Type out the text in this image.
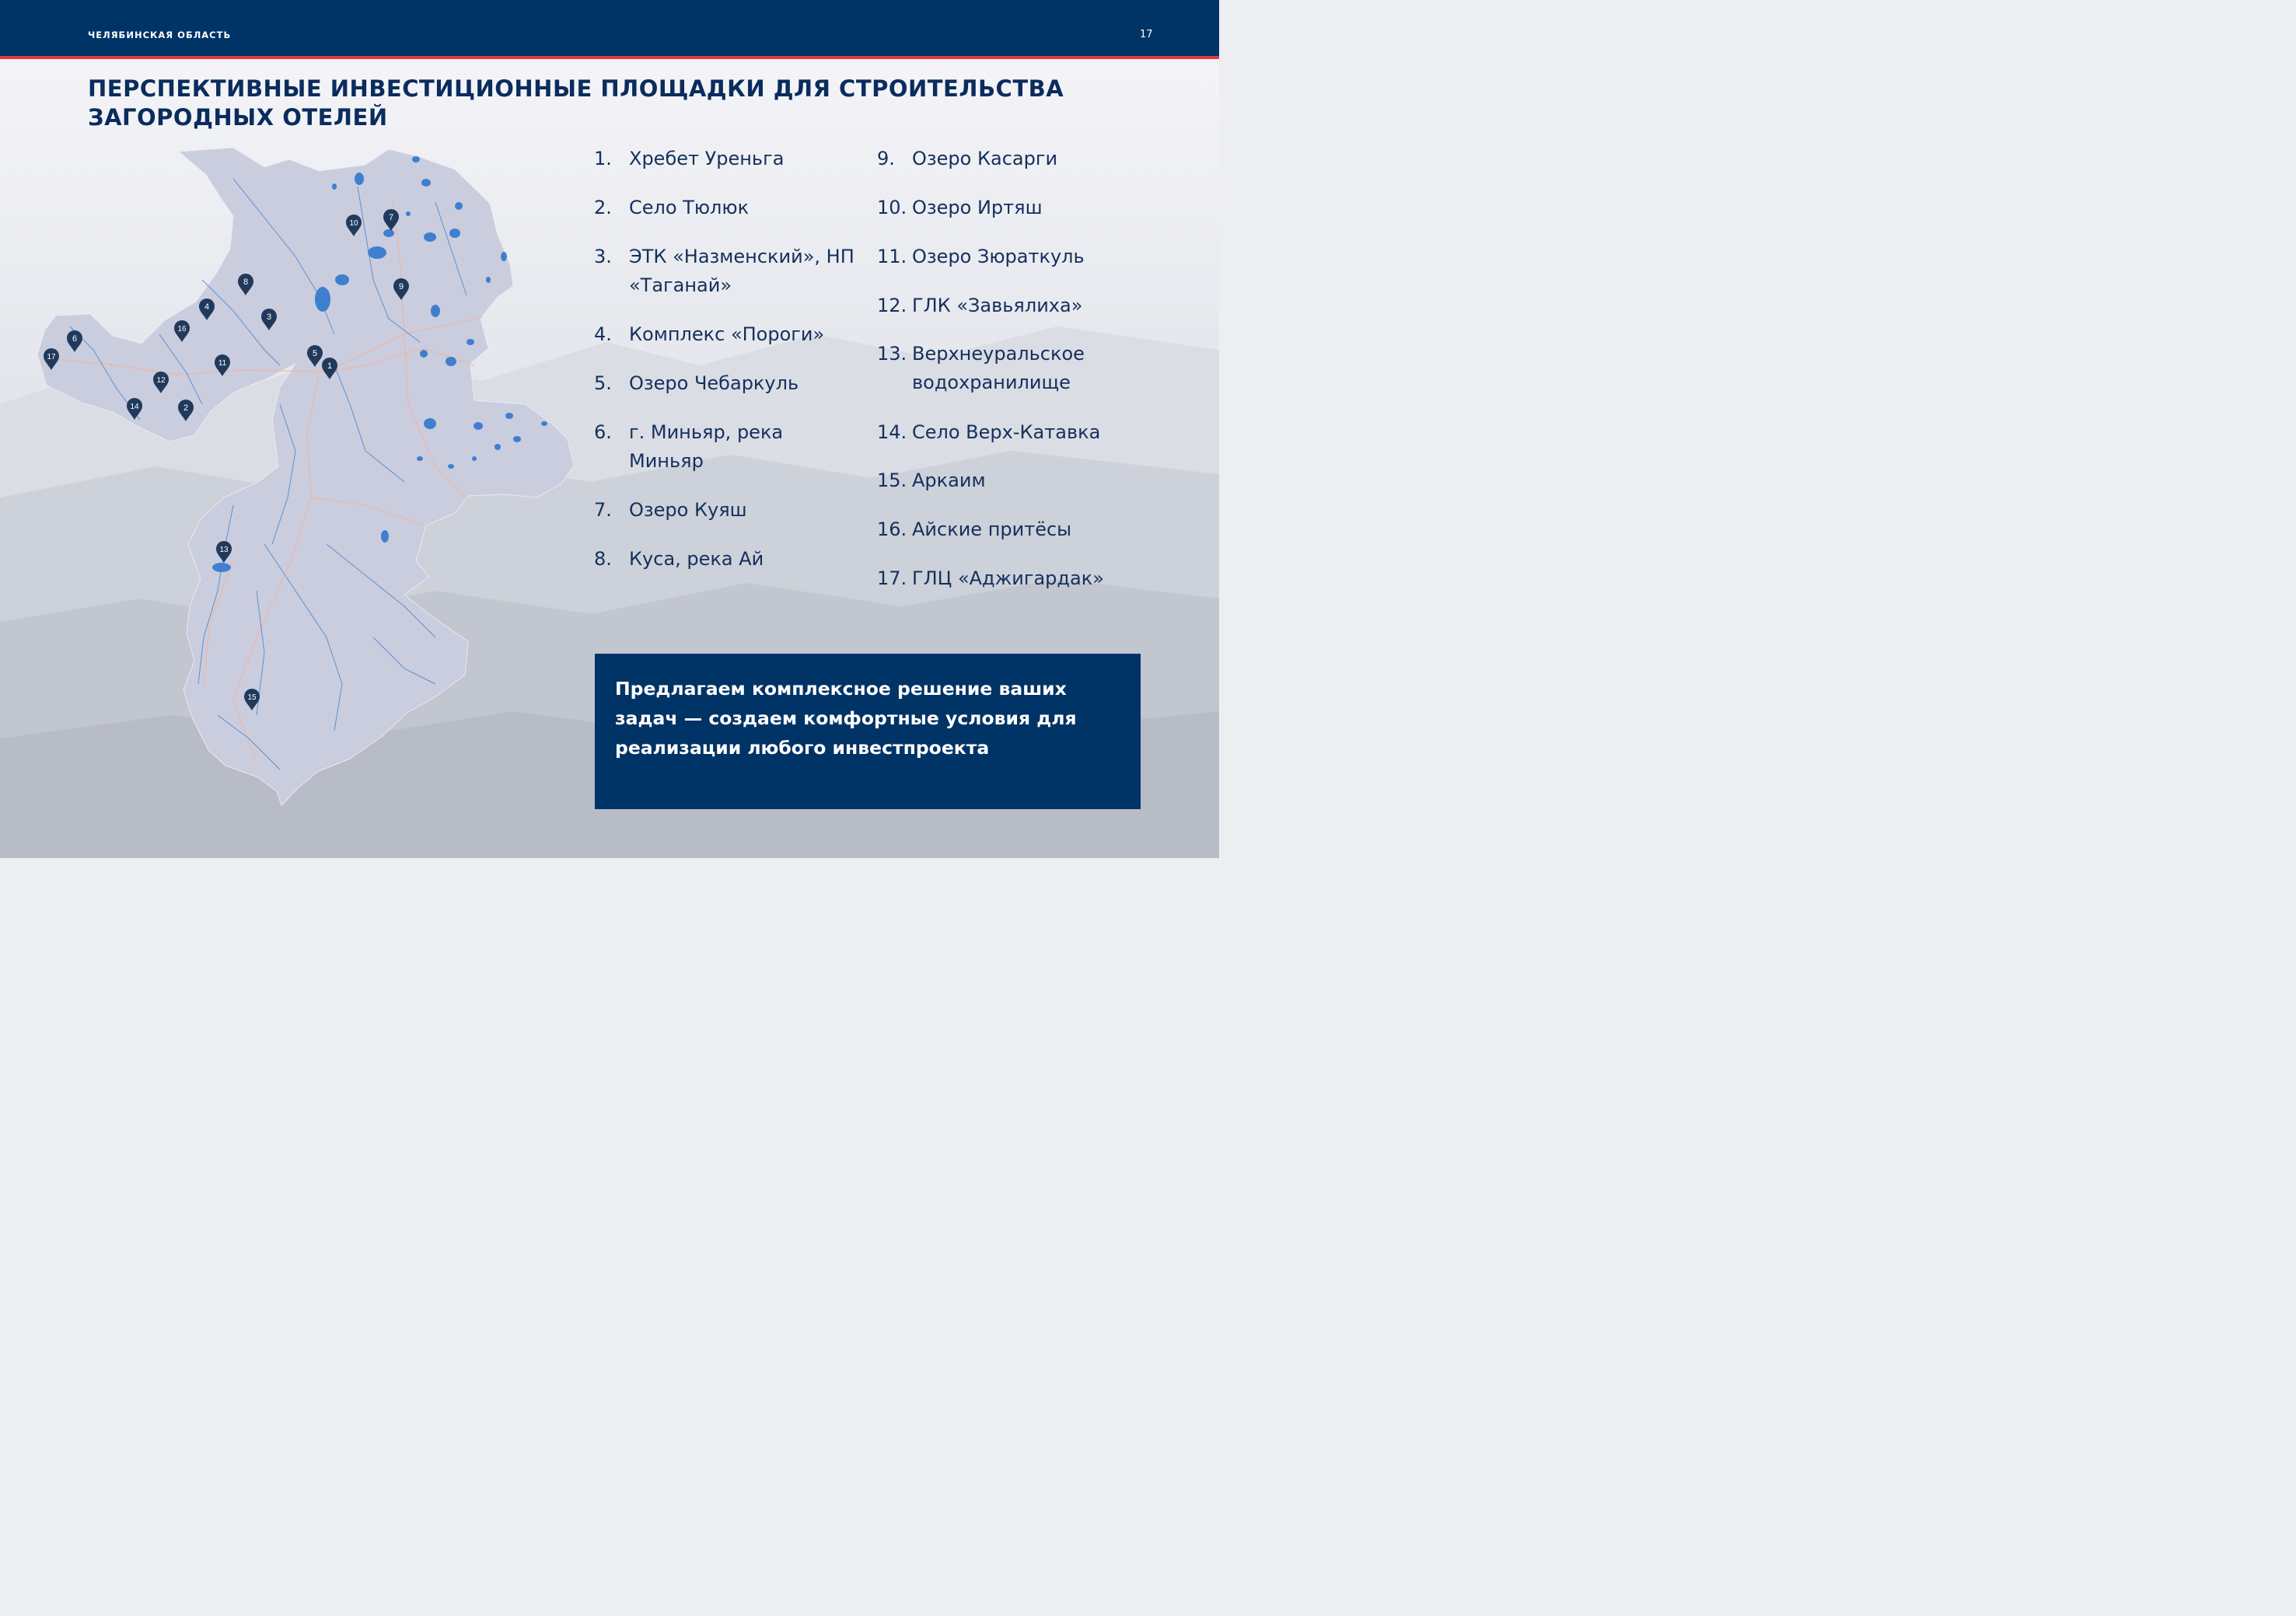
ЧЕЛЯБИНСКАЯ ОБЛАСТЬ	17
ПЕРСПЕКТИВНЫЕ ИНВЕСТИЦИОННЫЕ ПЛОЩАДКИ ДЛЯ СТРОИТЕЛЬСТВА
ЗАГОРОДНЫХ ОТЕЛЕЙ
1
2
3
4
5
6
7
8	9
10
11
12
13
14
15
16
17
1. Хребет Уреньга
2. Село Тюлюк
3. ЭТК «Назменский», НП «Таганай»
4. Комплекс «Пороги»
5. Озеро Чебаркуль
6. г. Миньяр, река Миньяр
7. Озеро Куяш
8. Куса, река Ай
9. Озеро Касарги
10. Озеро Иртяш
11. Озеро Зюраткуль
12. ГЛК «Завьялиха»
13. Верхнеуральское водохранилище
14. Село Верх-Катавка
15. Аркаим
16. Айские притёсы
17. ГЛЦ «Аджигардак»
Предлагаем комплексное решение ваших задач — создаем комфортные условия для реализации любого инвестпроекта
